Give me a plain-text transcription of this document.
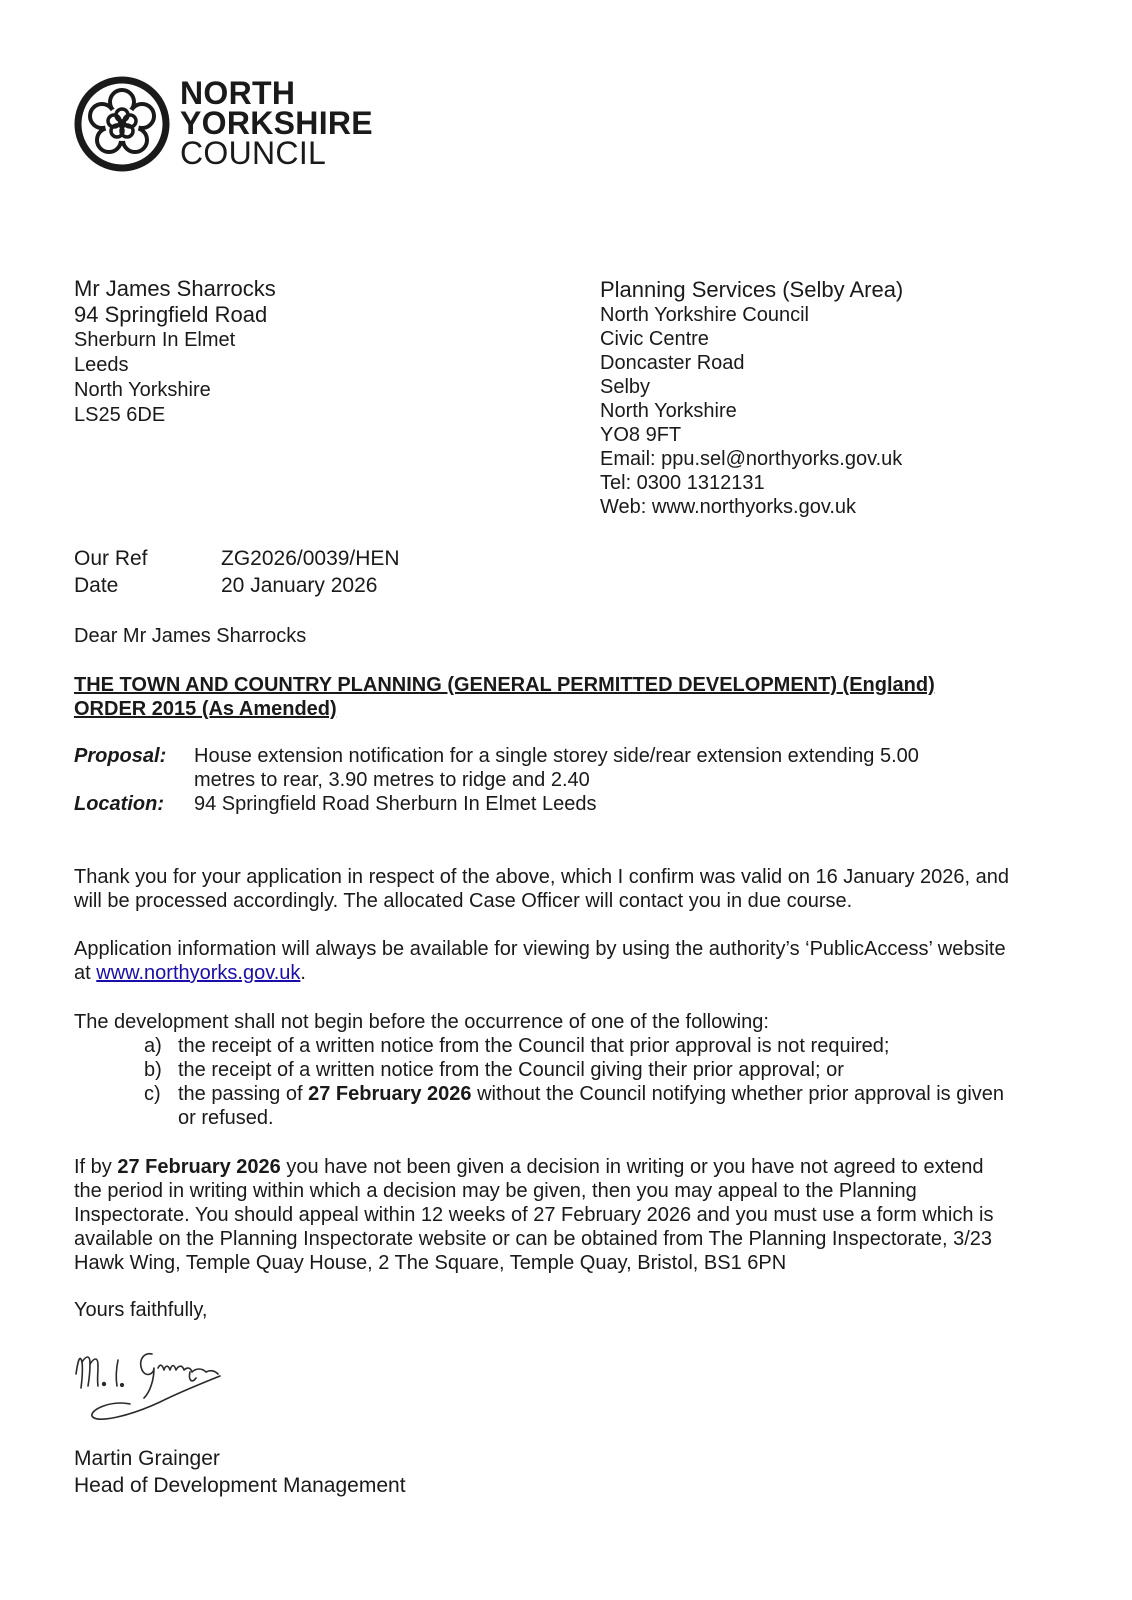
NORTH
YORKSHIRE
COUNCIL
Mr James Sharrocks
94 Springfield Road
Sherburn In Elmet
Leeds
North Yorkshire
LS25 6DE
Planning Services (Selby Area)
North Yorkshire Council
Civic Centre
Doncaster Road
Selby
North Yorkshire
YO8 9FT
Email: ppu.sel@northyorks.gov.uk
Tel: 0300 1312131
Web: www.northyorks.gov.uk
Our Ref	ZG2026/0039/HEN
Date	20 January 2026
Dear Mr James Sharrocks
THE TOWN AND COUNTRY PLANNING (GENERAL PERMITTED DEVELOPMENT) (England)
ORDER 2015 (As Amended)
Proposal:	House extension notification for a single storey side/rear extension extending 5.00
metres to rear, 3.90 metres to ridge and 2.40
Location:	94 Springfield Road Sherburn In Elmet Leeds
Thank you for your application in respect of the above, which I confirm was valid on 16 January 2026, and
will be processed accordingly. The allocated Case Officer will contact you in due course.
Application information will always be available for viewing by using the authority’s ‘PublicAccess’ website
at www.northyorks.gov.uk.
The development shall not begin before the occurrence of one of the following:
a) the receipt of a written notice from the Council that prior approval is not required;
b) the receipt of a written notice from the Council giving their prior approval; or
c) the passing of 27 February 2026 without the Council notifying whether prior approval is given
or refused.
If by 27 February 2026 you have not been given a decision in writing or you have not agreed to extend
the period in writing within which a decision may be given, then you may appeal to the Planning
Inspectorate. You should appeal within 12 weeks of 27 February 2026 and you must use a form which is
available on the Planning Inspectorate website or can be obtained from The Planning Inspectorate, 3/23
Hawk Wing, Temple Quay House, 2 The Square, Temple Quay, Bristol, BS1 6PN
Yours faithfully,
Martin Grainger
Head of Development Management
